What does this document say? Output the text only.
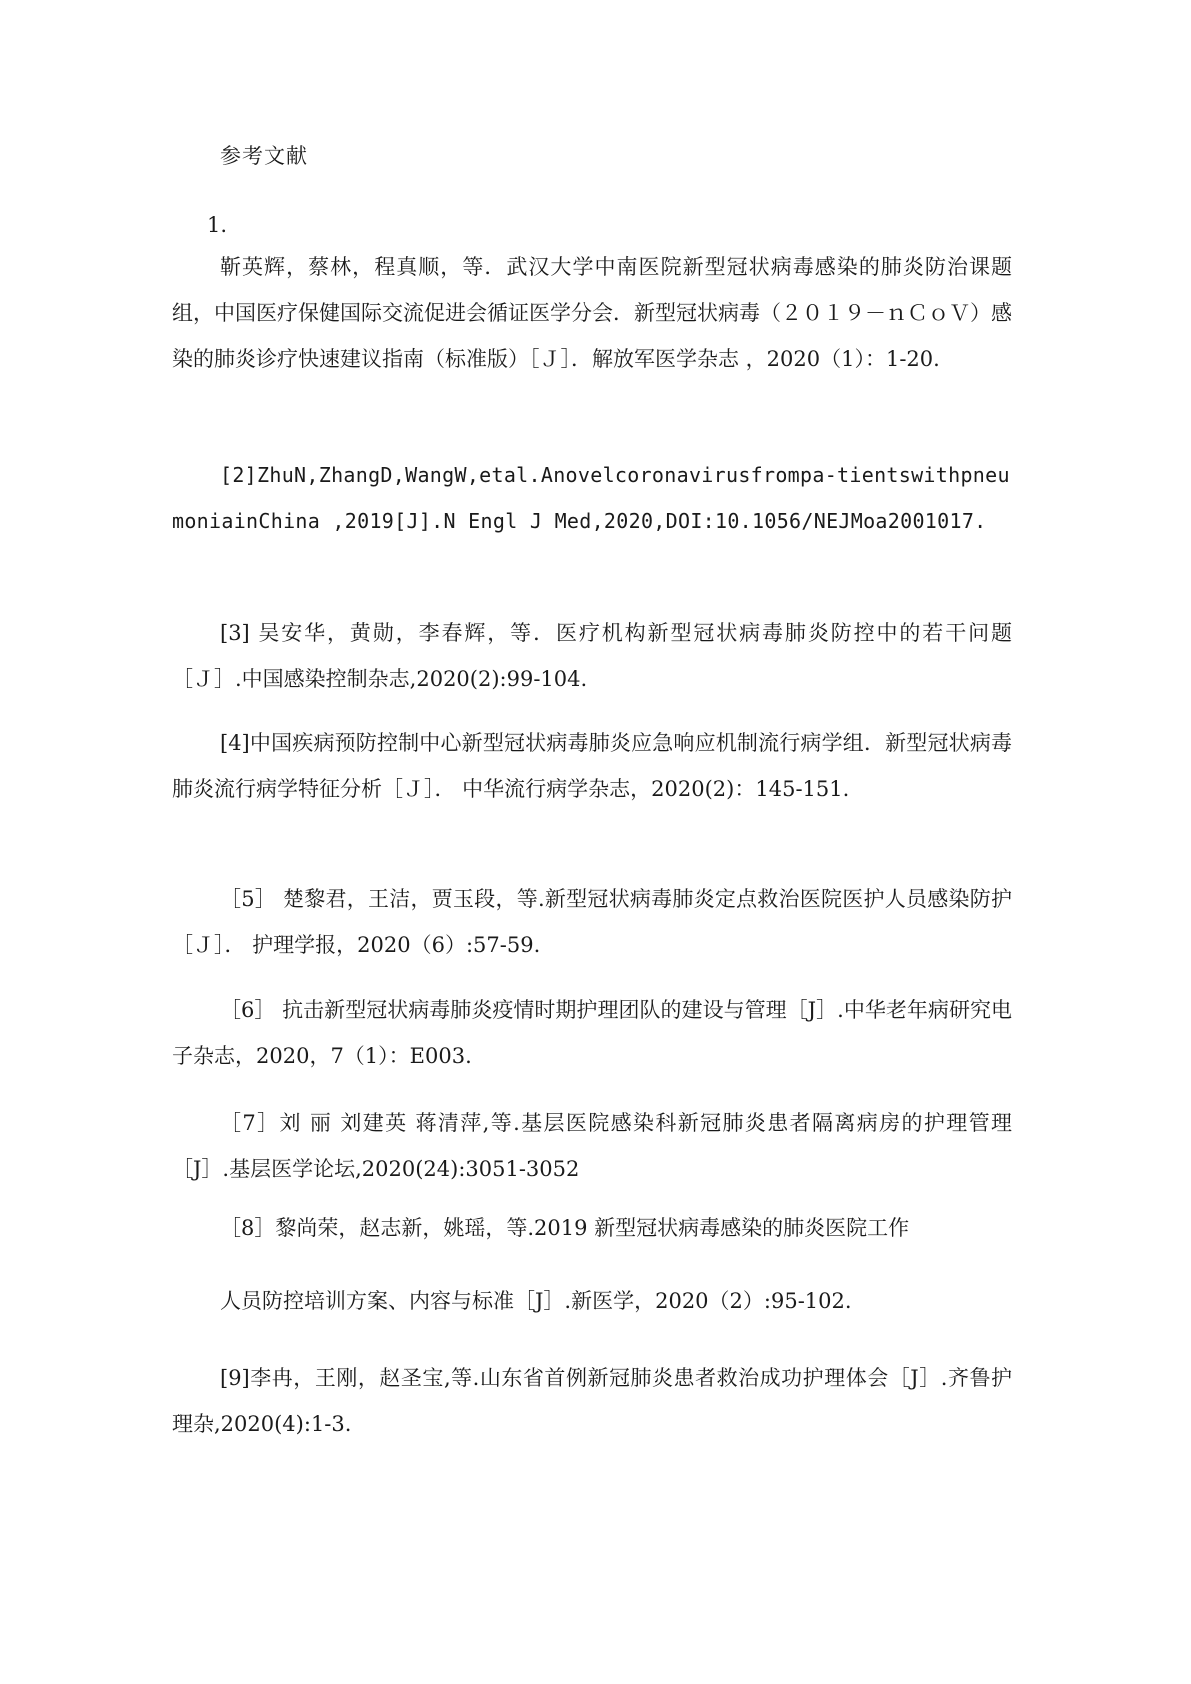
参考文献
1.
靳英辉，蔡林，程真顺，等．武汉大学中南医院新型冠状病毒感染的肺炎防治课题组，中国医疗保健国际交流促进会循证医学分会．新型冠状病毒（２０１９－ｎＣｏＶ）感染的肺炎诊疗快速建议指南（标准版）［Ｊ］．解放军医学杂志 ，2020（1）：1-20.
[2]ZhuN,ZhangD,WangW,etal.Anovelcoronavirusfrompa-tientswithpneumoniainChina ,2019[J].N Engl J Med,2020,DOI:10.1056/NEJMoa2001017.
[3] 吴安华，黄勋，李春辉，等．医疗机构新型冠状病毒肺炎防控中的若干问题［Ｊ］.中国感染控制杂志,2020(2):99-104.
[4]中国疾病预防控制中心新型冠状病毒肺炎应急响应机制流行病学组．新型冠状病毒肺炎流行病学特征分析［Ｊ］． 中华流行病学杂志，2020(2)：145-151.
［5］ 楚黎君，王洁，贾玉段，等.新型冠状病毒肺炎定点救治医院医护人员感染防护［Ｊ］． 护理学报，2020（6）:57-59.
［6］ 抗击新型冠状病毒肺炎疫情时期护理团队的建设与管理［J］.中华老年病研究电子杂志，2020，7（1）：E003.
［7］刘 丽 刘建英 蒋清萍,等.基层医院感染科新冠肺炎患者隔离病房的护理管理［J］.基层医学论坛,2020(24):3051-3052
［8］黎尚荣，赵志新，姚瑶，等.2019 新型冠状病毒感染的肺炎医院工作
人员防控培训方案、内容与标准［J］.新医学，2020（2）:95-102.
[9]李冉，王刚，赵圣宝,等.山东省首例新冠肺炎患者救治成功护理体会［J］.齐鲁护理杂,2020(4):1-3.
